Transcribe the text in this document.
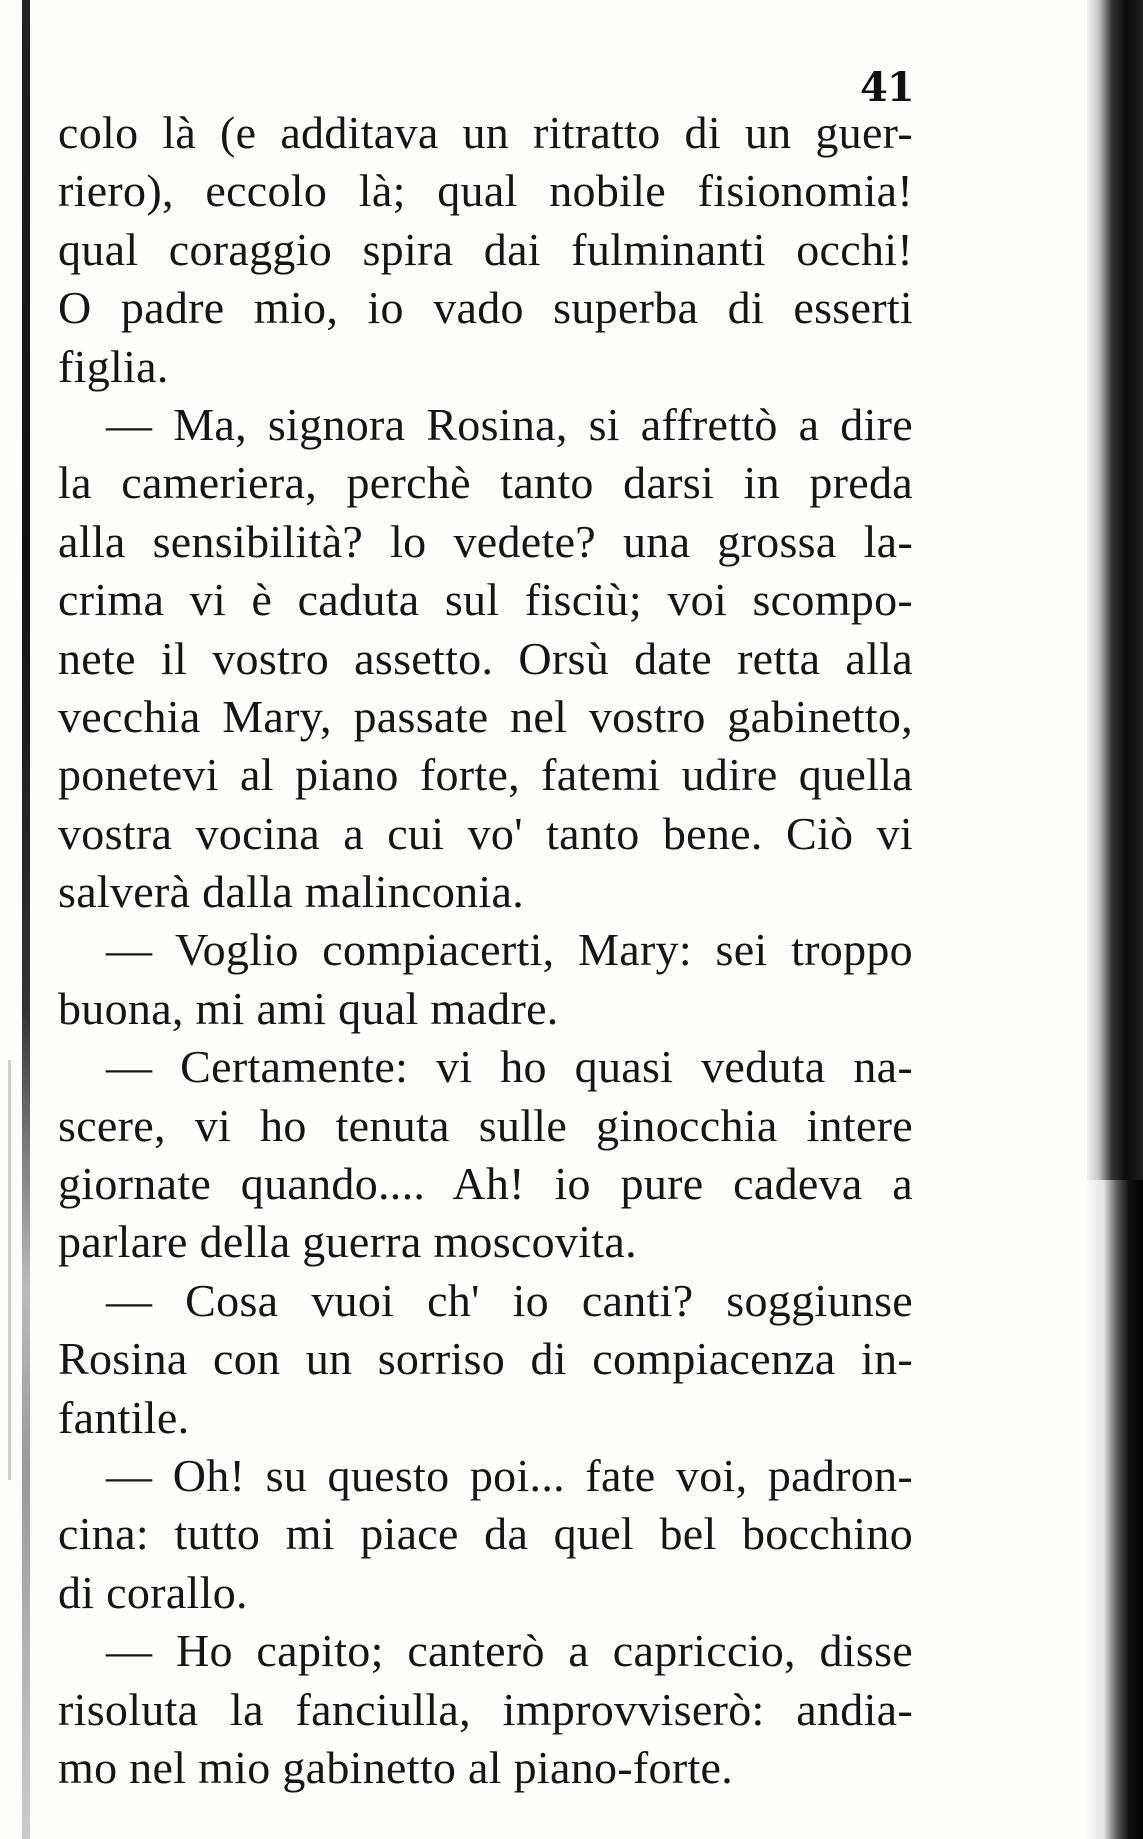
41
colo là (e additava un ritratto di un guer-
riero), eccolo là; qual nobile fisionomia!
qual coraggio spira dai fulminanti occhi!
O padre mio, io vado superba di esserti
figlia.
— Ma, signora Rosina, si affrettò a dire
la cameriera, perchè tanto darsi in preda
alla sensibilità? lo vedete? una grossa la-
crima vi è caduta sul fisciù; voi scompo-
nete il vostro assetto. Orsù date retta alla
vecchia Mary, passate nel vostro gabinetto,
ponetevi al piano forte, fatemi udire quella
vostra vocina a cui vo' tanto bene. Ciò vi
salverà dalla malinconia.
— Voglio compiacerti, Mary: sei troppo
buona, mi ami qual madre.
— Certamente: vi ho quasi veduta na-
scere, vi ho tenuta sulle ginocchia intere
giornate quando.... Ah! io pure cadeva a
parlare della guerra moscovita.
— Cosa vuoi ch' io canti? soggiunse
Rosina con un sorriso di compiacenza in-
fantile.
— Oh! su questo poi... fate voi, padron-
cina: tutto mi piace da quel bel bocchino
di corallo.
— Ho capito; canterò a capriccio, disse
risoluta la fanciulla, improvviserò: andia-
mo nel mio gabinetto al piano-forte.
